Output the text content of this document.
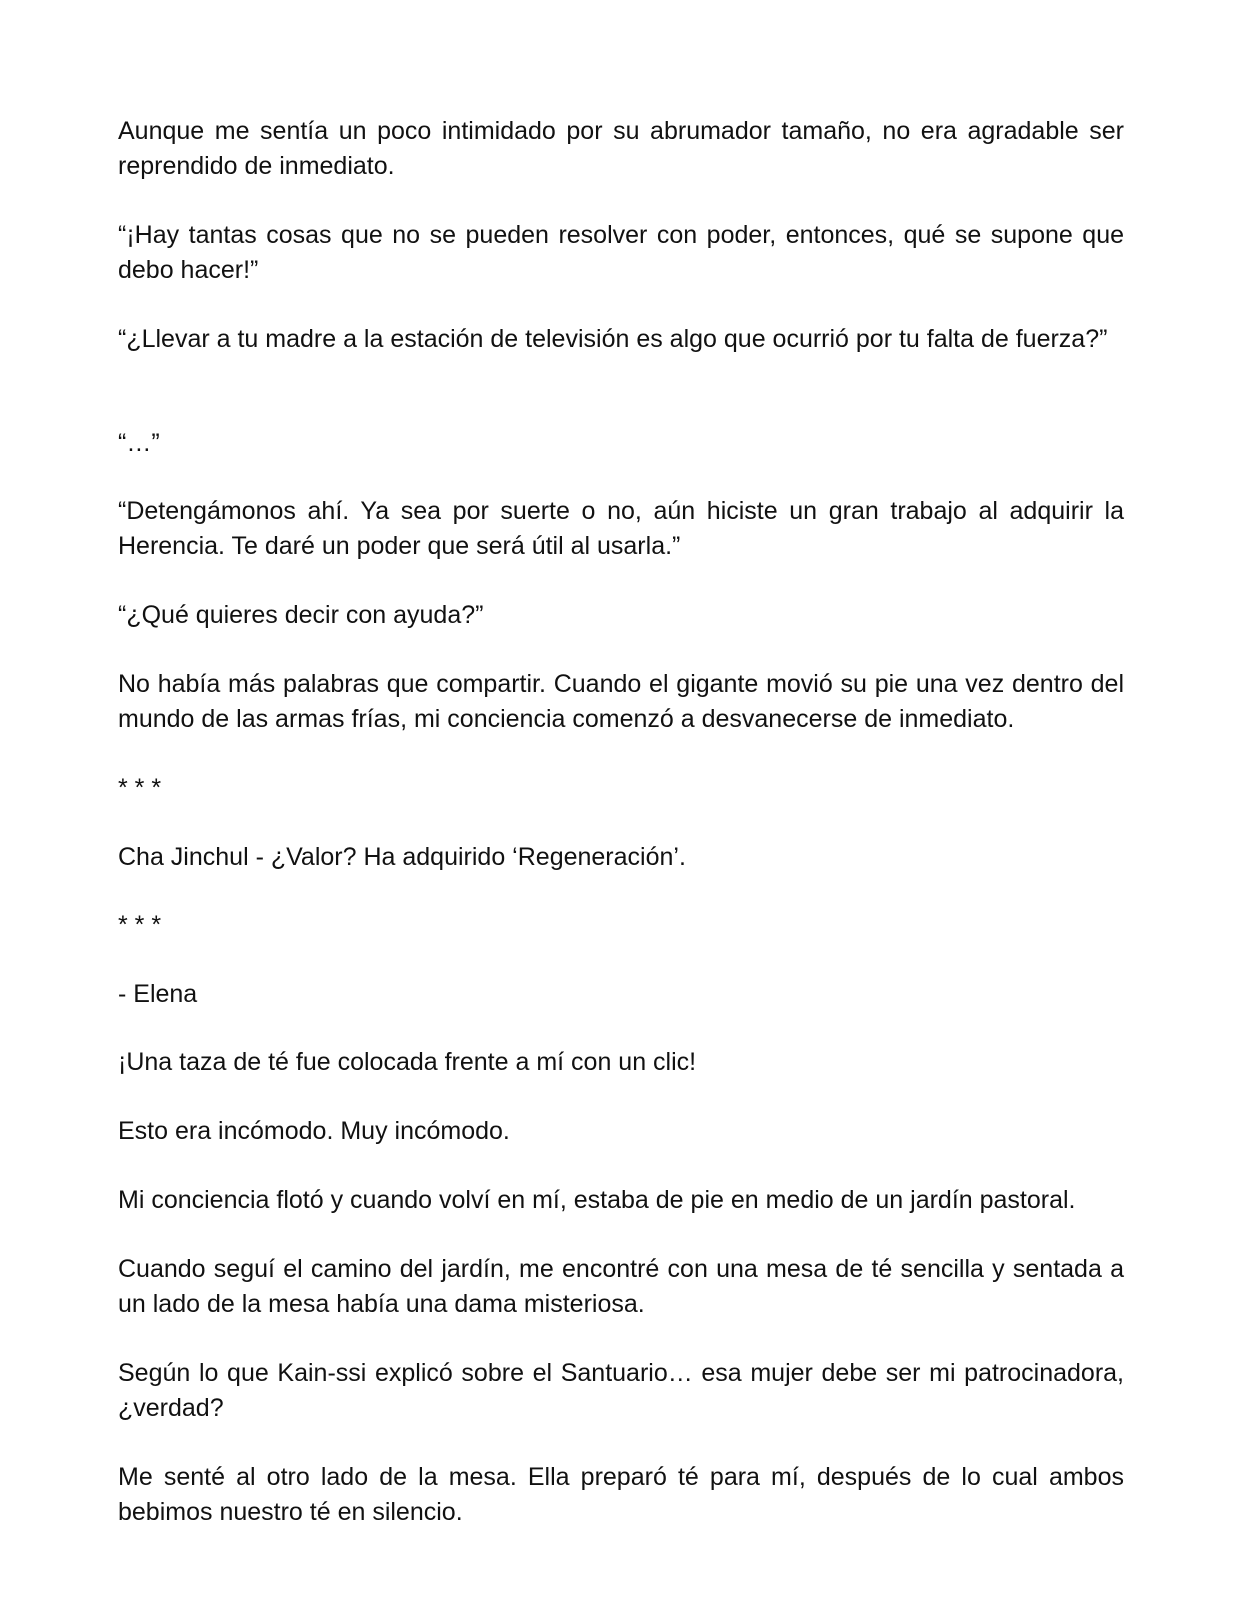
Aunque me sentía un poco intimidado por su abrumador tamaño, no era agradable ser reprendido de inmediato.

“¡Hay tantas cosas que no se pueden resolver con poder, entonces, qué se supone que debo hacer!”

“¿Llevar a tu madre a la estación de televisión es algo que ocurrió por tu falta de fuerza?”

“…”

“Detengámonos ahí. Ya sea por suerte o no, aún hiciste un gran trabajo al adquirir la Herencia. Te daré un poder que será útil al usarla.”

“¿Qué quieres decir con ayuda?”

No había más palabras que compartir. Cuando el gigante movió su pie una vez dentro del mundo de las armas frías, mi conciencia comenzó a desvanecerse de inmediato.

* * *

Cha Jinchul - ¿Valor? Ha adquirido ‘Regeneración’.

* * *

- Elena

¡Una taza de té fue colocada frente a mí con un clic!

Esto era incómodo. Muy incómodo.

Mi conciencia flotó y cuando volví en mí, estaba de pie en medio de un jardín pastoral.

Cuando seguí el camino del jardín, me encontré con una mesa de té sencilla y sentada a un lado de la mesa había una dama misteriosa.

Según lo que Kain-ssi explicó sobre el Santuario… esa mujer debe ser mi patrocinadora, ¿verdad?

Me senté al otro lado de la mesa. Ella preparó té para mí, después de lo cual ambos bebimos nuestro té en silencio.
